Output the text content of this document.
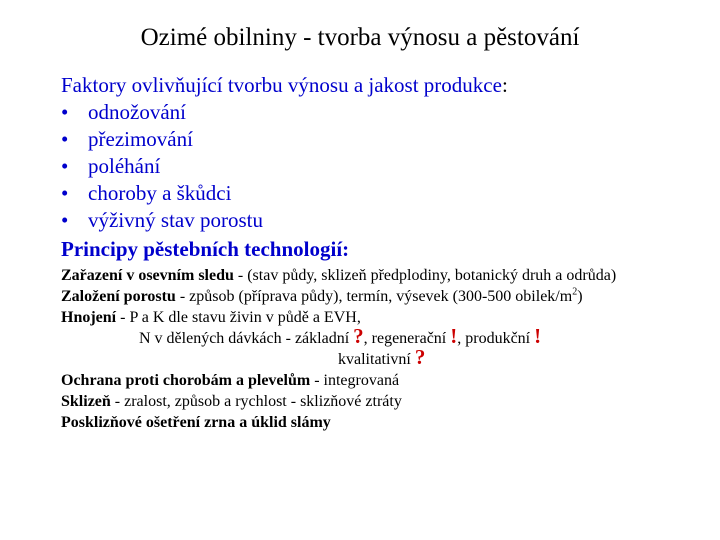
Ozimé obilniny - tvorba výnosu a pěstování
Faktory ovlivňující tvorbu výnosu a jakost produkce:
• odnožování
• přezimování
• poléhání
• choroby a škůdci
• výživný stav porostu
Principy pěstebních technologií:
Zařazení v osevním sledu - (stav půdy, sklizeň předplodiny, botanický druh a odrůda)
Založení porostu - způsob (příprava půdy), termín, výsevek (300-500 obilek/$m^2$)
Hnojení - P a K dle stavu živin v půdě a EVH,
N v dělených dávkách - základní ?, regenerační !, produkční !
kvalitativní ?
Ochrana proti chorobám a plevelům - integrovaná
Sklizeň - zralost, způsob a rychlost - sklizňové ztráty
Posklizňové ošetření zrna a úklid slámy
